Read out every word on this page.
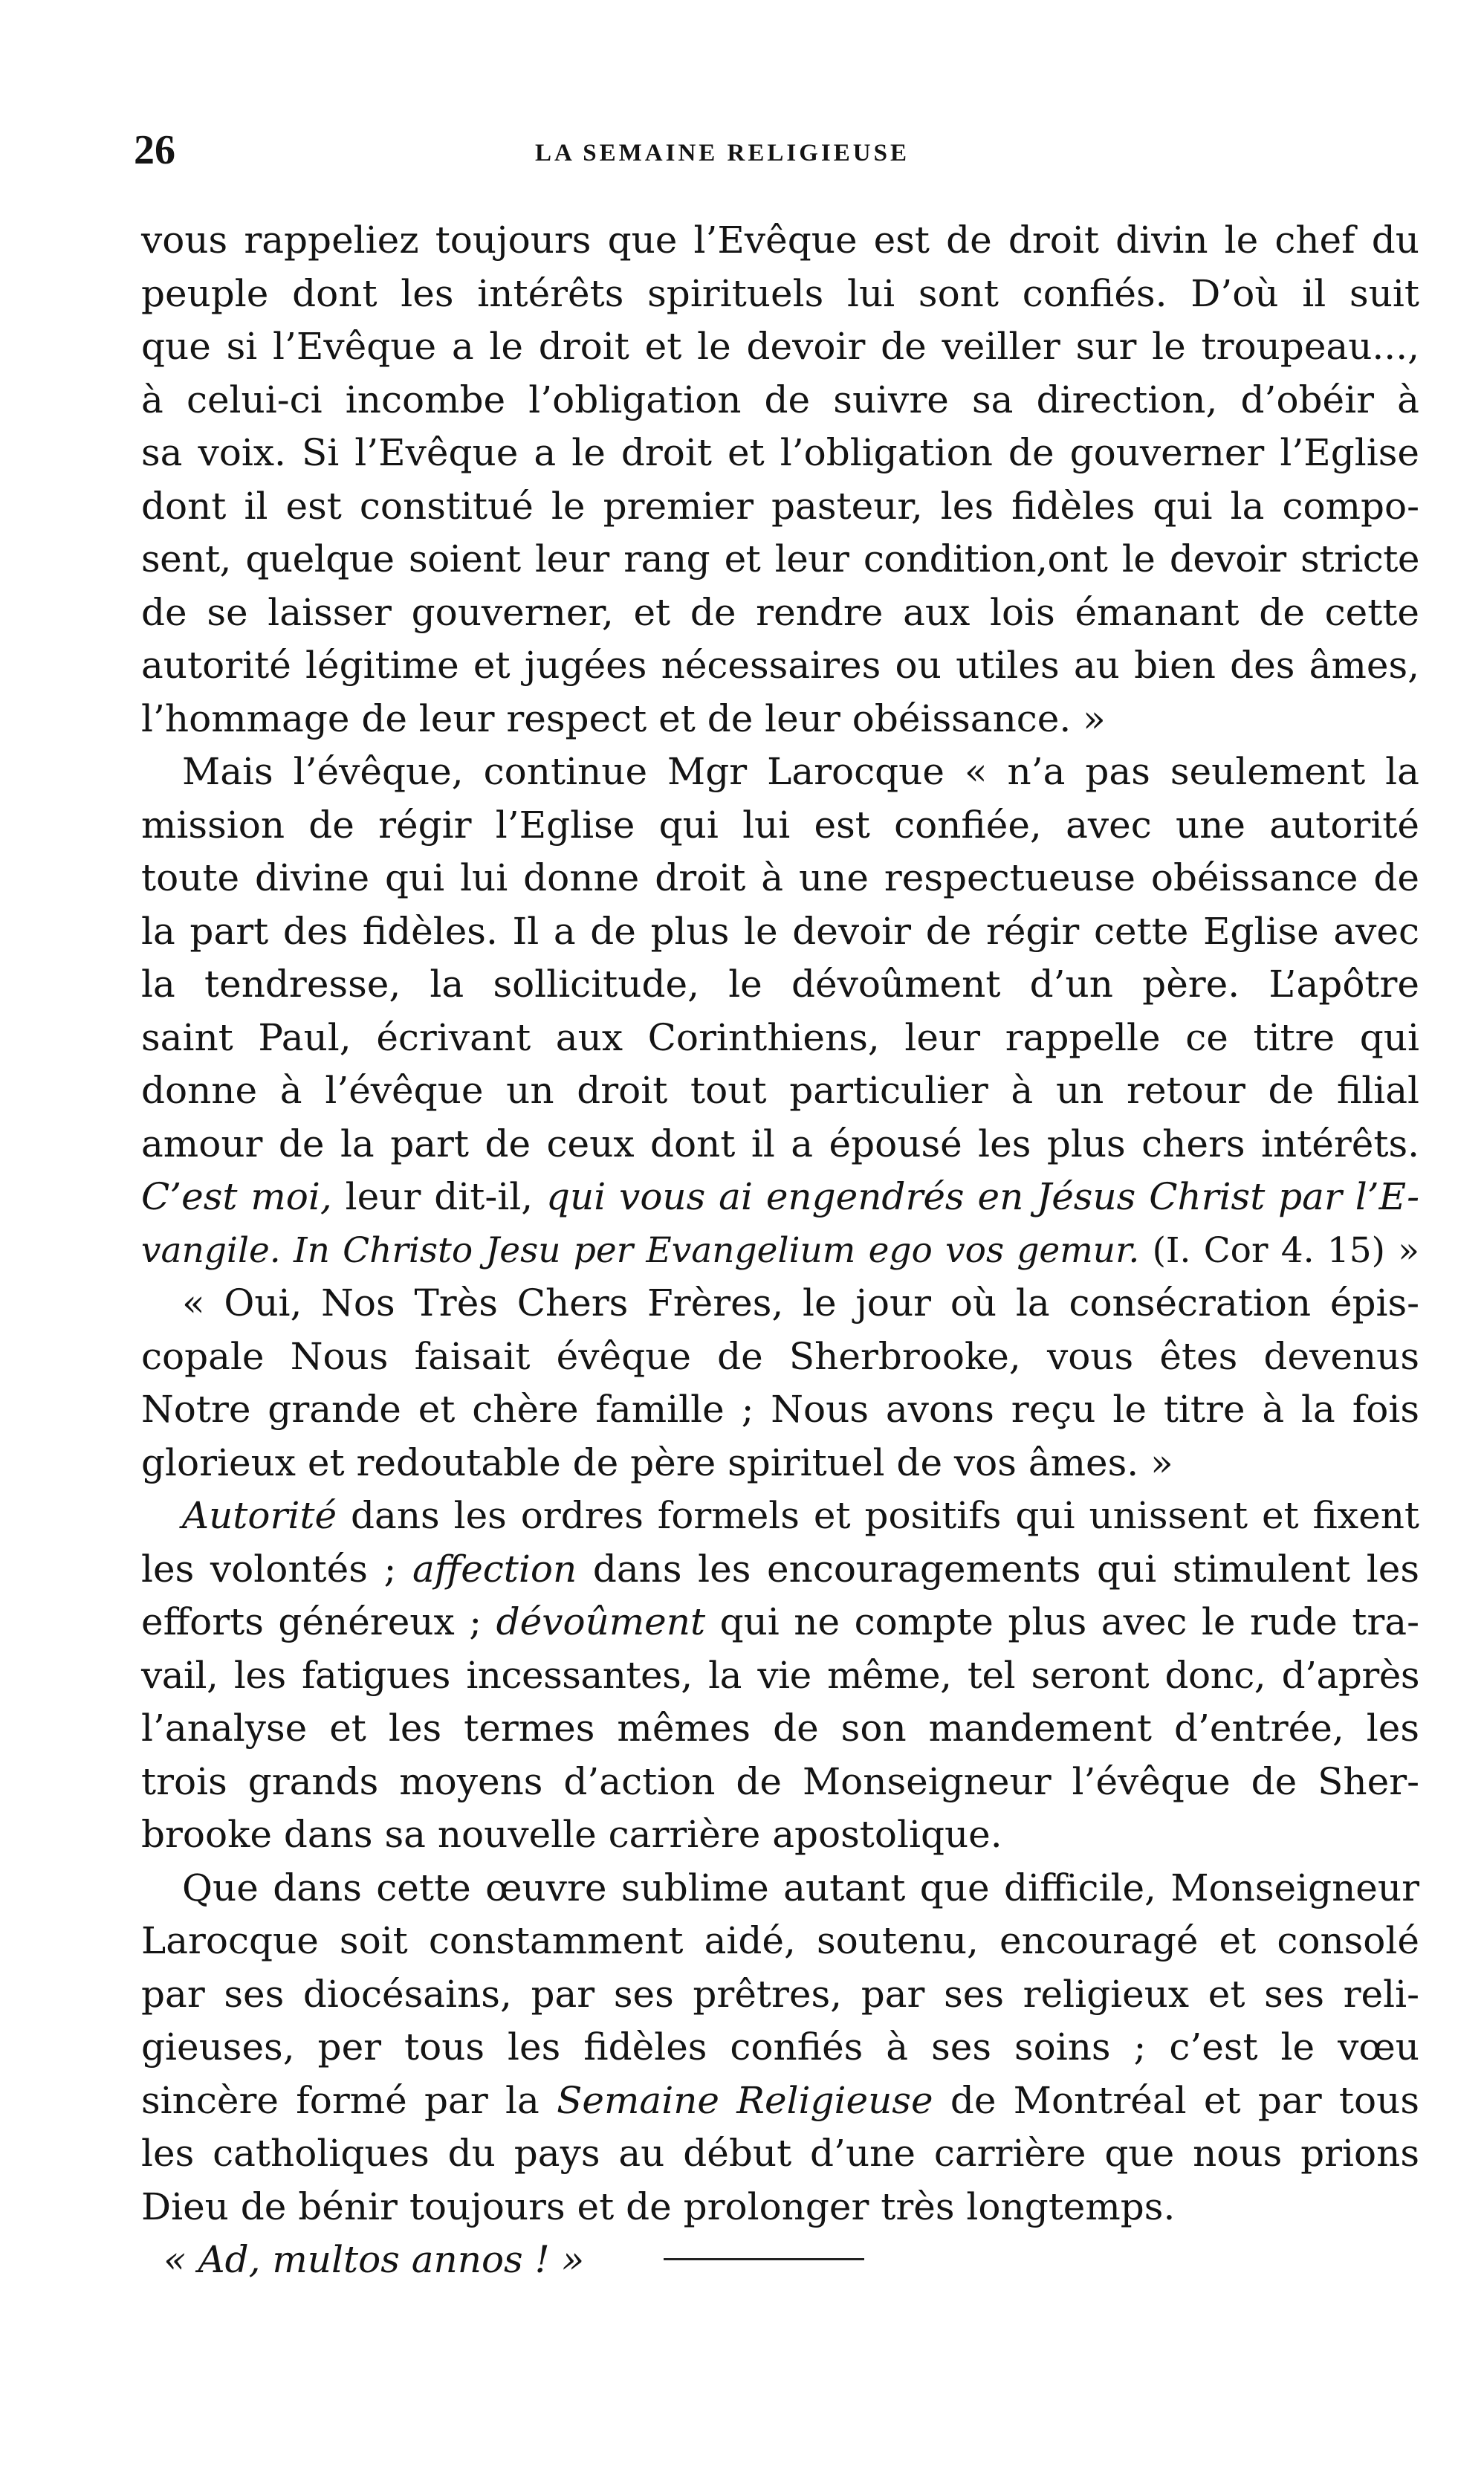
26	LA SEMAINE RELIGIEUSE
vous rappeliez toujours que l’Evêque est de droit divin le chef du
peuple dont les intérêts spirituels lui sont confiés. D’où il suit
que si l’Evêque a le droit et le devoir de veiller sur le troupeau...,
à celui-ci incombe l’obligation de suivre sa direction, d’obéir à
sa voix. Si l’Evêque a le droit et l’obligation de gouverner l’Eglise
dont il est constitué le premier pasteur, les fidèles qui la compo-
sent, quelque soient leur rang et leur condition,ont le devoir stricte
de se laisser gouverner, et de rendre aux lois émanant de cette
autorité légitime et jugées nécessaires ou utiles au bien des âmes,
l’hommage de leur respect et de leur obéissance. »
Mais l’évêque, continue Mgr Larocque « n’a pas seulement la
mission de régir l’Eglise qui lui est confiée, avec une autorité
toute divine qui lui donne droit à une respectueuse obéissance de
la part des fidèles. Il a de plus le devoir de régir cette Eglise avec
la tendresse, la sollicitude, le dévoûment d’un père. L’apôtre
saint Paul, écrivant aux Corinthiens, leur rappelle ce titre qui
donne à l’évêque un droit tout particulier à un retour de filial
amour de la part de ceux dont il a épousé les plus chers intérêts.
C’est moi, leur dit-il, qui vous ai engendrés en Jésus Christ par l’E-
vangile. In Christo Jesu per Evangelium ego vos gemur. (I. Cor 4. 15) »
« Oui, Nos Très Chers Frères, le jour où la consécration épis-
copale Nous faisait évêque de Sherbrooke, vous êtes devenus
Notre grande et chère famille ; Nous avons reçu le titre à la fois
glorieux et redoutable de père spirituel de vos âmes. »
Autorité dans les ordres formels et positifs qui unissent et fixent
les volontés ; affection dans les encouragements qui stimulent les
efforts généreux ; dévoûment qui ne compte plus avec le rude tra-
vail, les fatigues incessantes, la vie même, tel seront donc, d’après
l’analyse et les termes mêmes de son mandement d’entrée, les
trois grands moyens d’action de Monseigneur l’évêque de Sher-
brooke dans sa nouvelle carrière apostolique.
Que dans cette œuvre sublime autant que difficile, Monseigneur
Larocque soit constamment aidé, soutenu, encouragé et consolé
par ses diocésains, par ses prêtres, par ses religieux et ses reli-
gieuses, per tous les fidèles confiés à ses soins ; c’est le vœu
sincère formé par la Semaine Religieuse de Montréal et par tous
les catholiques du pays au début d’une carrière que nous prions
Dieu de bénir toujours et de prolonger très longtemps.
« Ad, multos annos ! »
